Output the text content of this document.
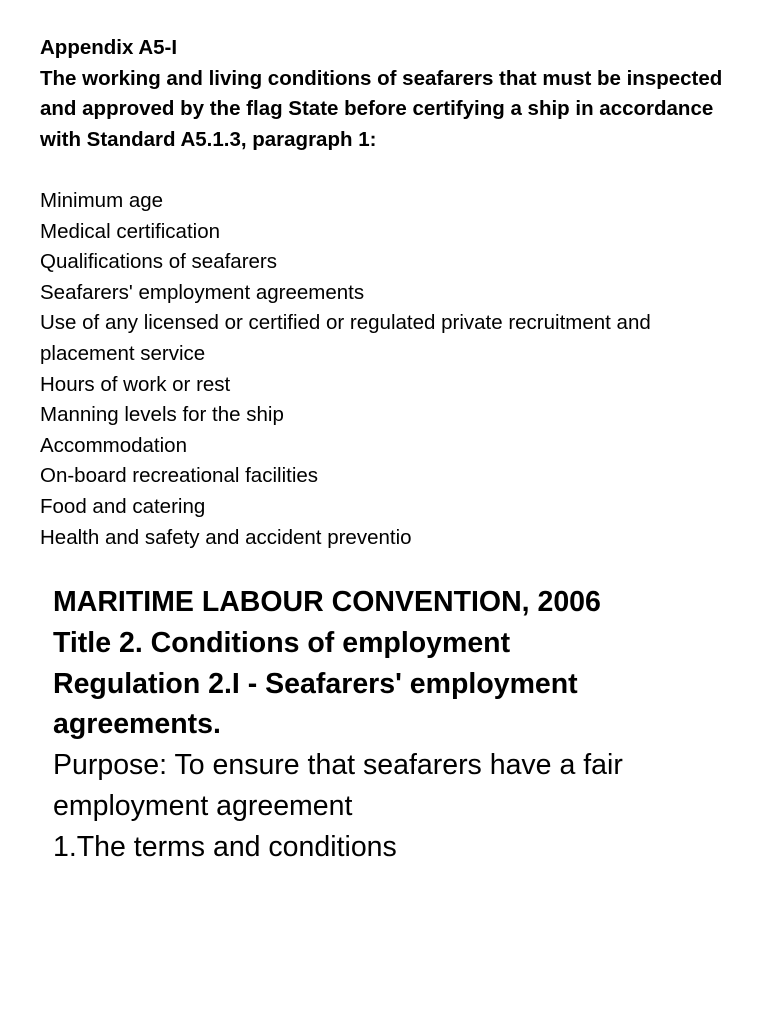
Appendix A5-I

The working and living conditions of seafarers that must be inspected and approved by the flag State before certifying a ship in accordance with Standard A5.1.3, paragraph 1:

Minimum age
Medical certification
Qualifications of seafarers
Seafarers' employment agreements
Use of any licensed or certified or regulated private recruitment and placement service
Hours of work or rest
Manning levels for the ship
Accommodation
On-board recreational facilities
Food and catering
Health and safety and accident preventio

MARITIME LABOUR CONVENTION, 2006

Title 2. Conditions of employment

Regulation 2.I - Seafarers' employment agreements.

Purpose: To ensure that seafarers have a fair employment agreement

1.The terms and conditions
